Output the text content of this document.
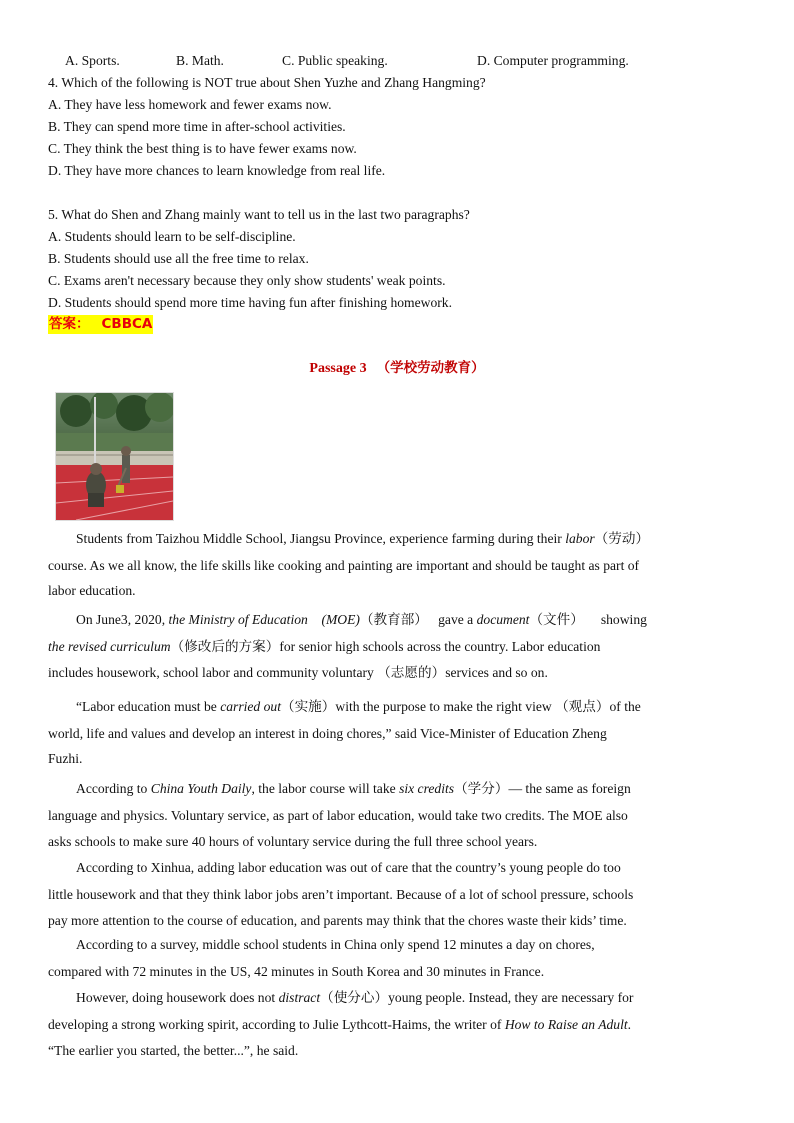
A. Sports.	B. Math.	C. Public speaking.	D. Computer programming.
4. Which of the following is NOT true about Shen Yuzhe and Zhang Hangming?
A. They have less homework and fewer exams now.
B. They can spend more time in after-school activities.
C. They think the best thing is to have fewer exams now.
D. They have more chances to learn knowledge from real life.
5. What do Shen and Zhang mainly want to tell us in the last two paragraphs?
A. Students should learn to be self-discipline.
B. Students should use all the free time to relax.
C. Exams aren't necessary because they only show students' weak points.
D. Students should spend more time having fun after finishing homework.
答案： CBBCA
Passage 3 （学校劳动教育）
Students from Taizhou Middle School, Jiangsu Province, experience farming during their labor（劳动）
course. As we all know, the life skills like cooking and painting are important and should be taught as part of
labor education.
On June3, 2020, the Ministry of Education (MOE)（教育部） gave a document（文件） showing
the revised curriculum（修改后的方案）for senior high schools across the country. Labor education
includes housework, school labor and community voluntary （志愿的）services and so on.
“Labor education must be carried out（实施）with the purpose to make the right view （观点）of the
world, life and values and develop an interest in doing chores,” said Vice-Minister of Education Zheng
Fuzhi.
According to China Youth Daily, the labor course will take six credits（学分）— the same as foreign
language and physics. Voluntary service, as part of labor education, would take two credits. The MOE also
asks schools to make sure 40 hours of voluntary service during the full three school years.
According to Xinhua, adding labor education was out of care that the country’s young people do too
little housework and that they think labor jobs aren’t important. Because of a lot of school pressure, schools
pay more attention to the course of education, and parents may think that the chores waste their kids’ time.
According to a survey, middle school students in China only spend 12 minutes a day on chores,
compared with 72 minutes in the US, 42 minutes in South Korea and 30 minutes in France.
However, doing housework does not distract（使分心）young people. Instead, they are necessary for
developing a strong working spirit, according to Julie Lythcott-Haims, the writer of How to Raise an Adult.
“The earlier you started, the better...”, he said.
